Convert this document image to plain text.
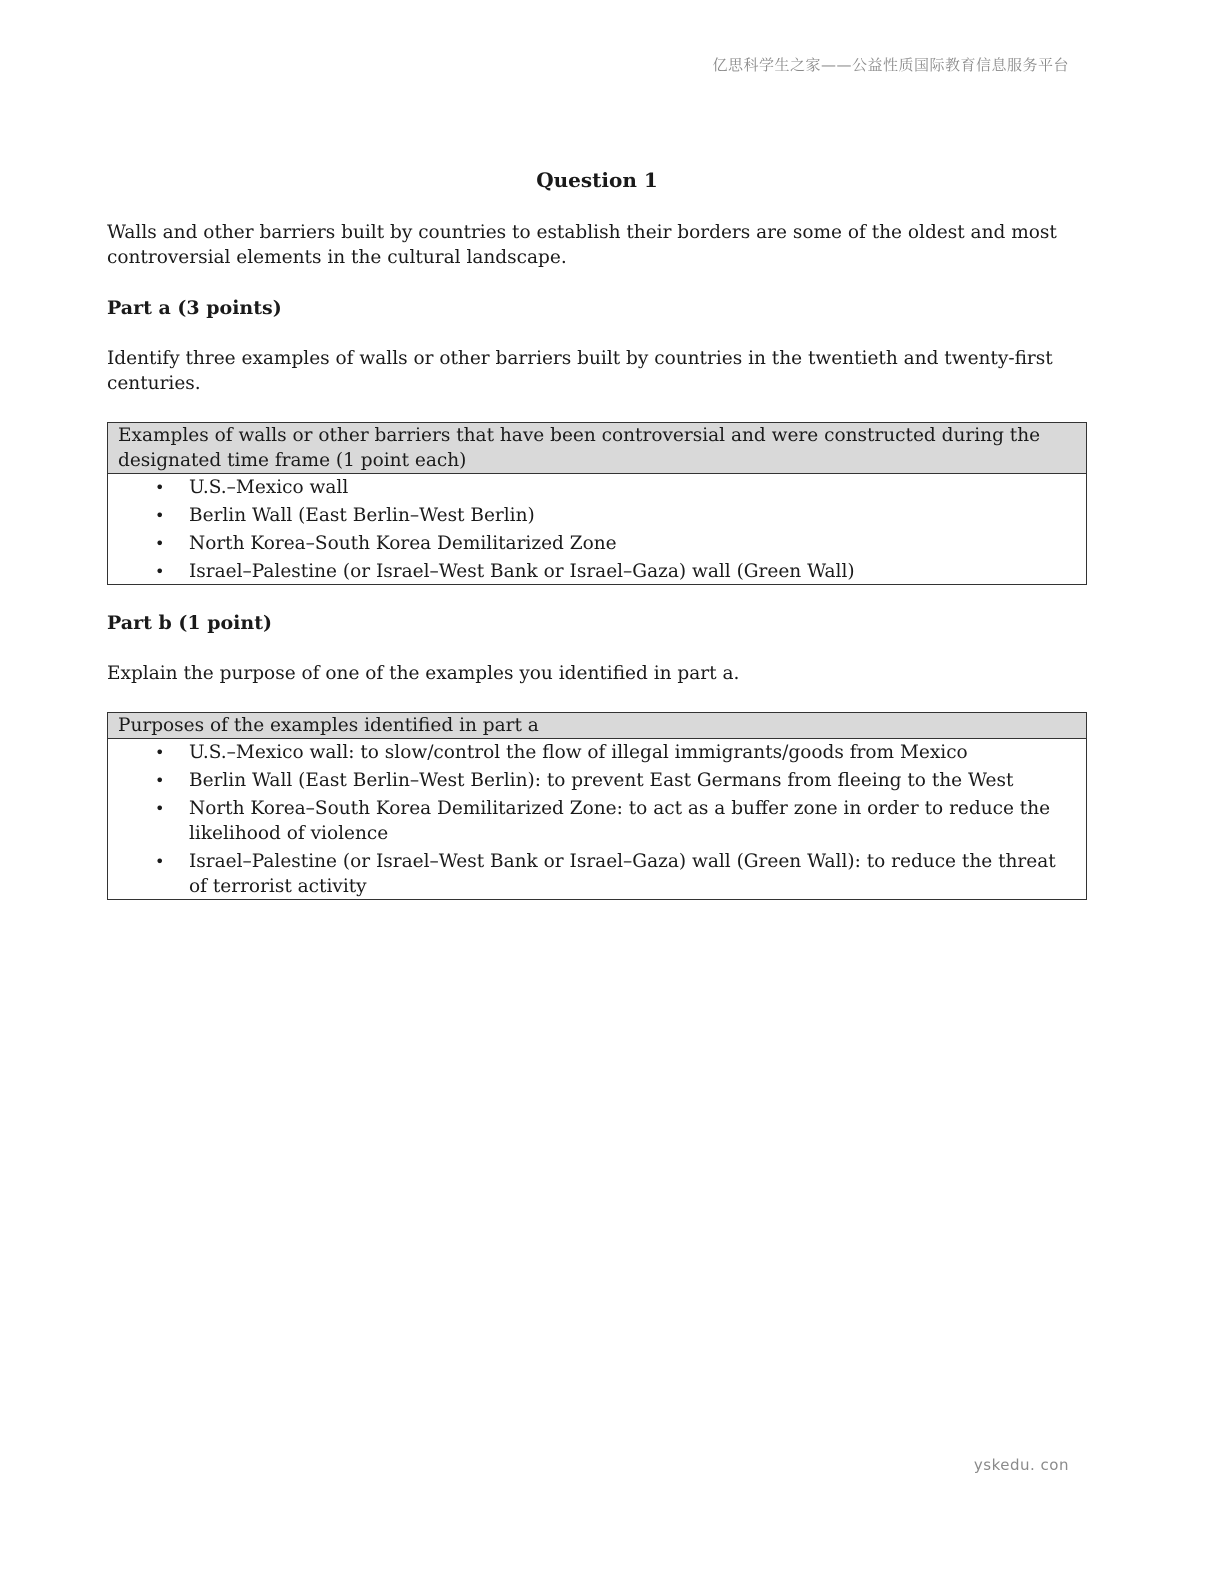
亿思科学生之家——公益性质国际教育信息服务平台
Question 1

Walls and other barriers built by countries to establish their borders are some of the oldest and most controversial elements in the cultural landscape.

Part a (3 points)

Identify three examples of walls or other barriers built by countries in the twentieth and twenty-first centuries.

Examples of walls or other barriers that have been controversial and were constructed during the designated time frame (1 point each)
• U.S.–Mexico wall
• Berlin Wall (East Berlin–West Berlin)
• North Korea–South Korea Demilitarized Zone
• Israel–Palestine (or Israel–West Bank or Israel–Gaza) wall (Green Wall)
Part b (1 point)

Explain the purpose of one of the examples you identified in part a.

Purposes of the examples identified in part a
• U.S.–Mexico wall: to slow/control the flow of illegal immigrants/goods from Mexico
• Berlin Wall (East Berlin–West Berlin): to prevent East Germans from fleeing to the West
• North Korea–South Korea Demilitarized Zone: to act as a buffer zone in order to reduce the likelihood of violence
• Israel–Palestine (or Israel–West Bank or Israel–Gaza) wall (Green Wall): to reduce the threat of terrorist activity
yskedu. con
